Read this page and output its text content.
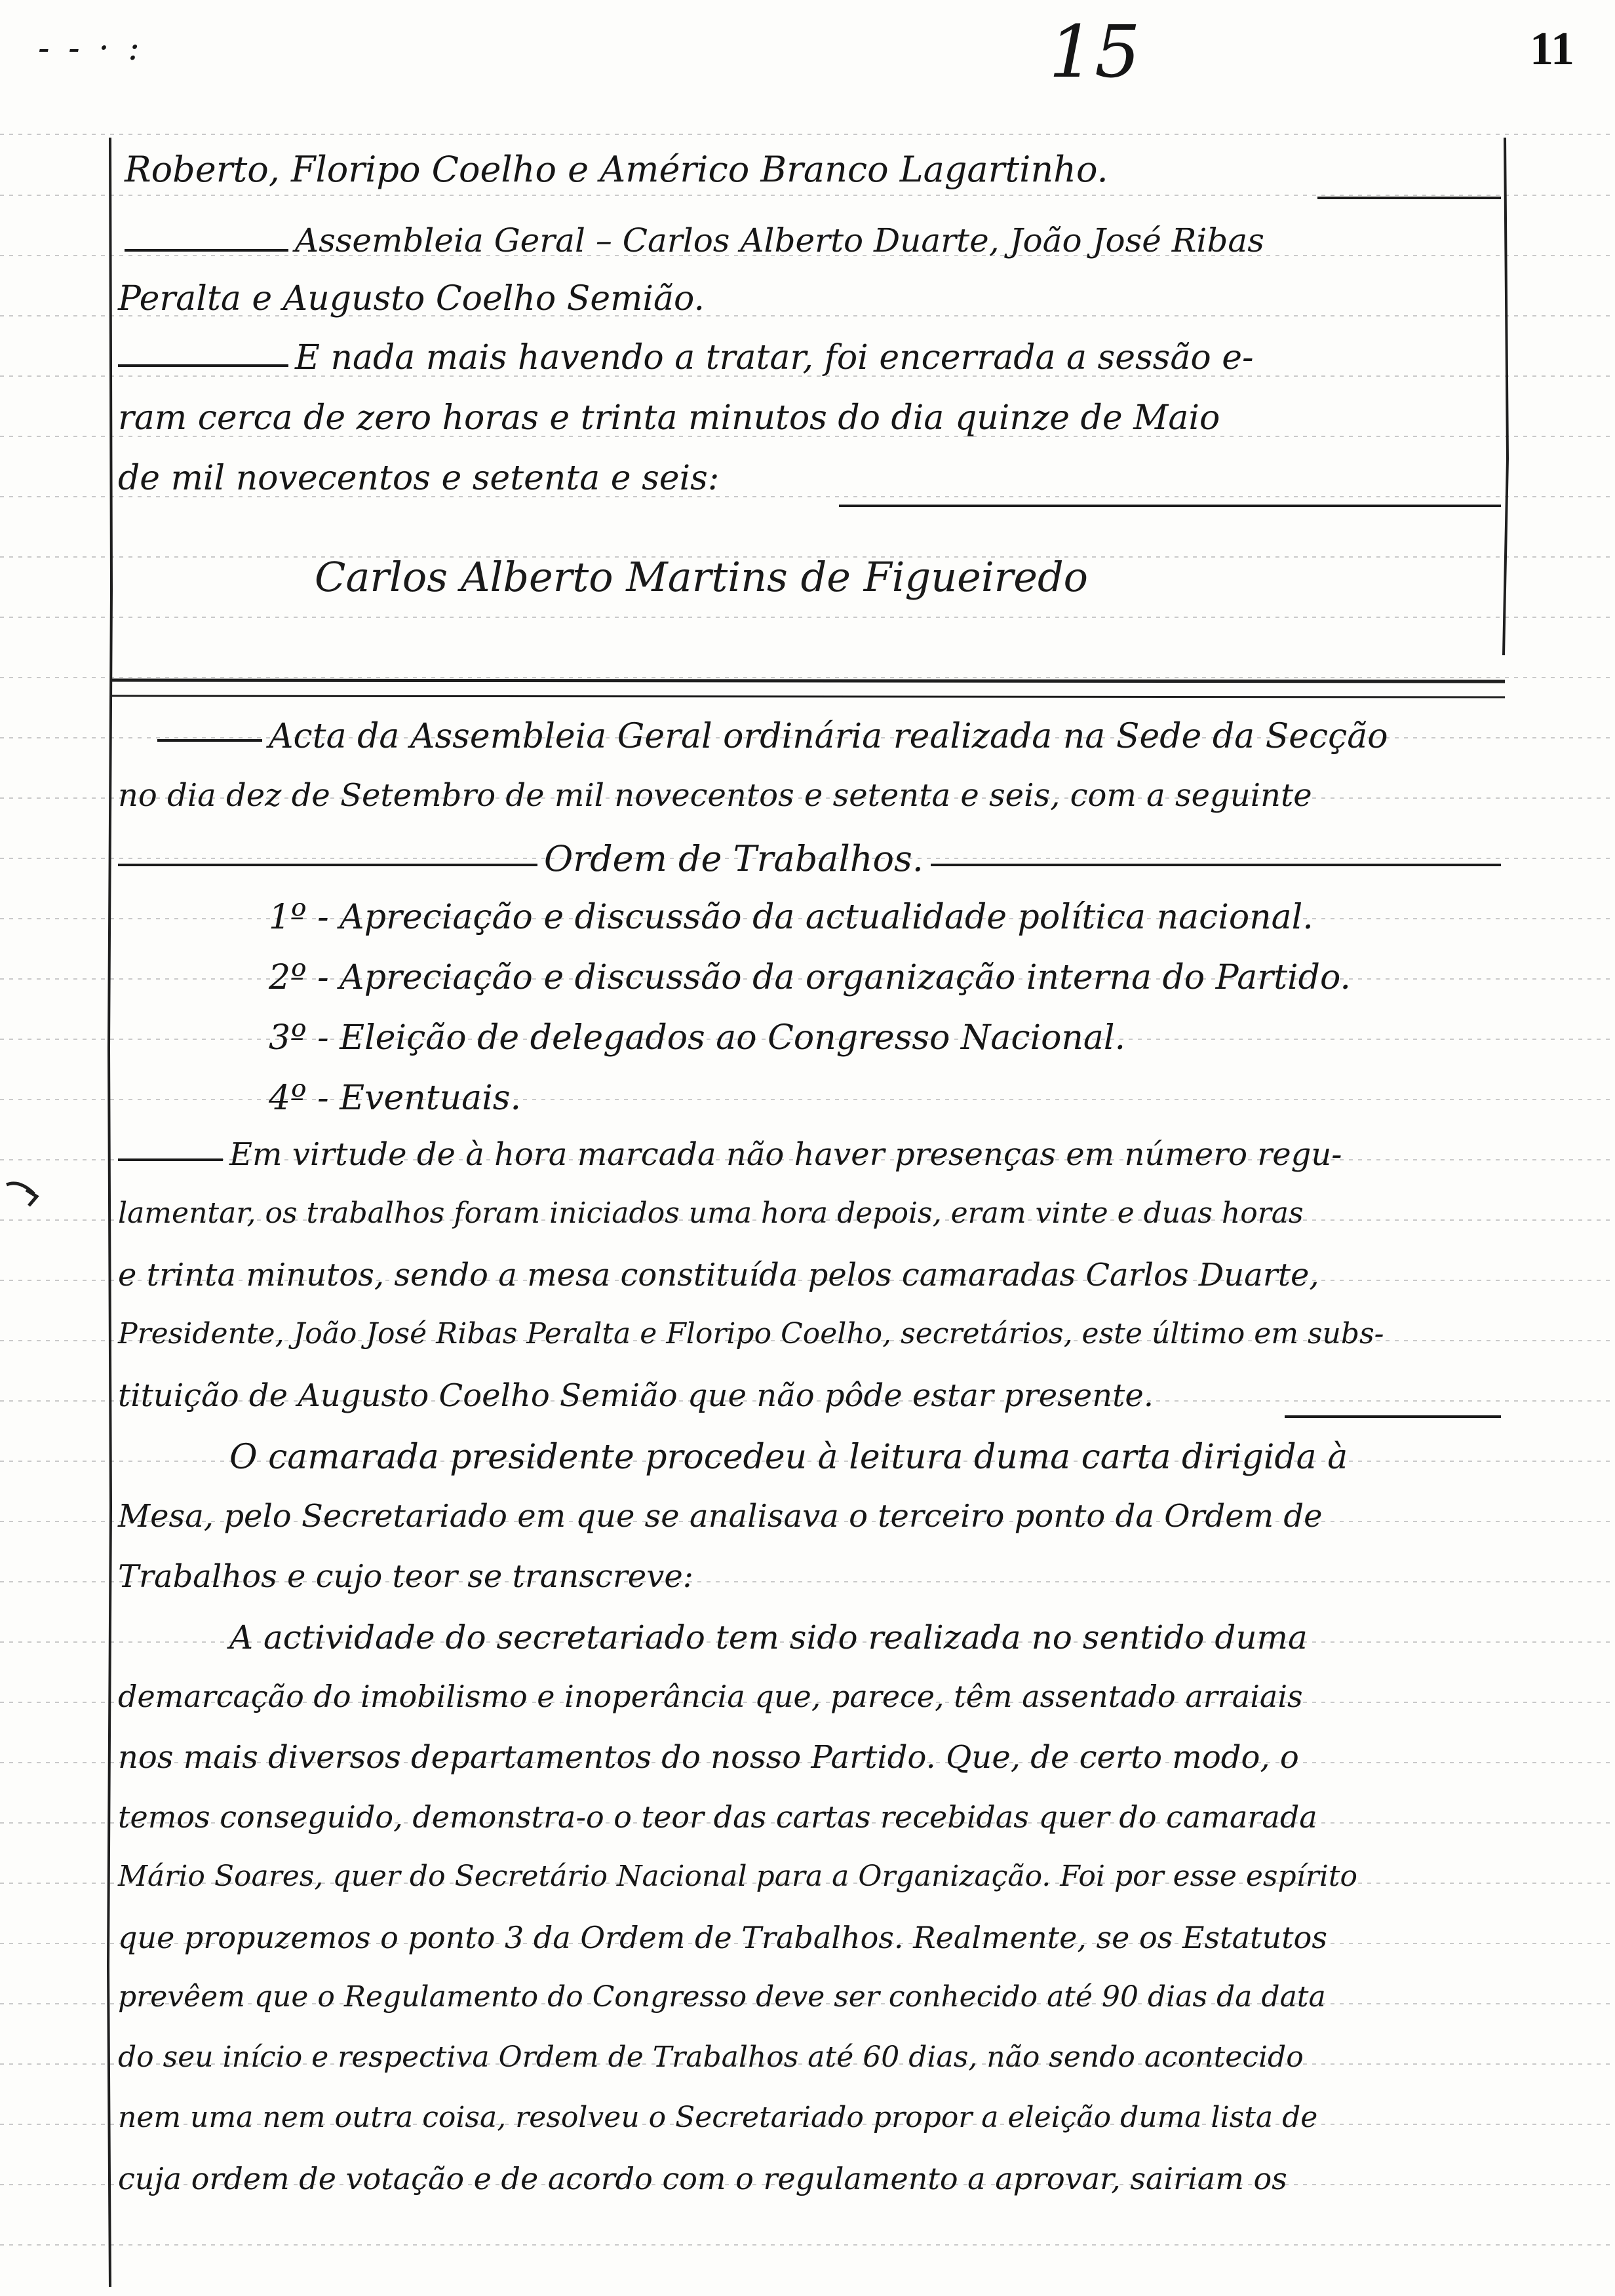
- - · :	15	11
Roberto, Floripo Coelho e Américo Branco Lagartinho.
Assembleia Geral – Carlos Alberto Duarte, João José Ribas
Peralta e Augusto Coelho Semião.
E nada mais havendo a tratar, foi encerrada a sessão e-
ram cerca de zero horas e trinta minutos do dia quinze de Maio
de mil novecentos e setenta e seis:
Carlos Alberto Martins de Figueiredo
Acta da Assembleia Geral ordinária realizada na Sede da Secção
no dia dez de Setembro de mil novecentos e setenta e seis, com a seguinte
Ordem de Trabalhos.
1º - Apreciação e discussão da actualidade política nacional.
2º - Apreciação e discussão da organização interna do Partido.
3º - Eleição de delegados ao Congresso Nacional.
4º - Eventuais.
Em virtude de à hora marcada não haver presenças em número regu-
lamentar, os trabalhos foram iniciados uma hora depois, eram vinte e duas horas
e trinta minutos, sendo a mesa constituída pelos camaradas Carlos Duarte,
Presidente, João José Ribas Peralta e Floripo Coelho, secretários, este último em subs-
tituição de Augusto Coelho Semião que não pôde estar presente.
O camarada presidente procedeu à leitura duma carta dirigida à
Mesa, pelo Secretariado em que se analisava o terceiro ponto da Ordem de
Trabalhos e cujo teor se transcreve:
A actividade do secretariado tem sido realizada no sentido duma
demarcação do imobilismo e inoperância que, parece, têm assentado arraiais
nos mais diversos departamentos do nosso Partido. Que, de certo modo, o
temos conseguido, demonstra-o o teor das cartas recebidas quer do camarada
Mário Soares, quer do Secretário Nacional para a Organização. Foi por esse espírito
que propuzemos o ponto 3 da Ordem de Trabalhos. Realmente, se os Estatutos
prevêem que o Regulamento do Congresso deve ser conhecido até 90 dias da data
do seu início e respectiva Ordem de Trabalhos até 60 dias, não sendo acontecido
nem uma nem outra coisa, resolveu o Secretariado propor a eleição duma lista de
cuja ordem de votação e de acordo com o regulamento a aprovar, sairiam os
